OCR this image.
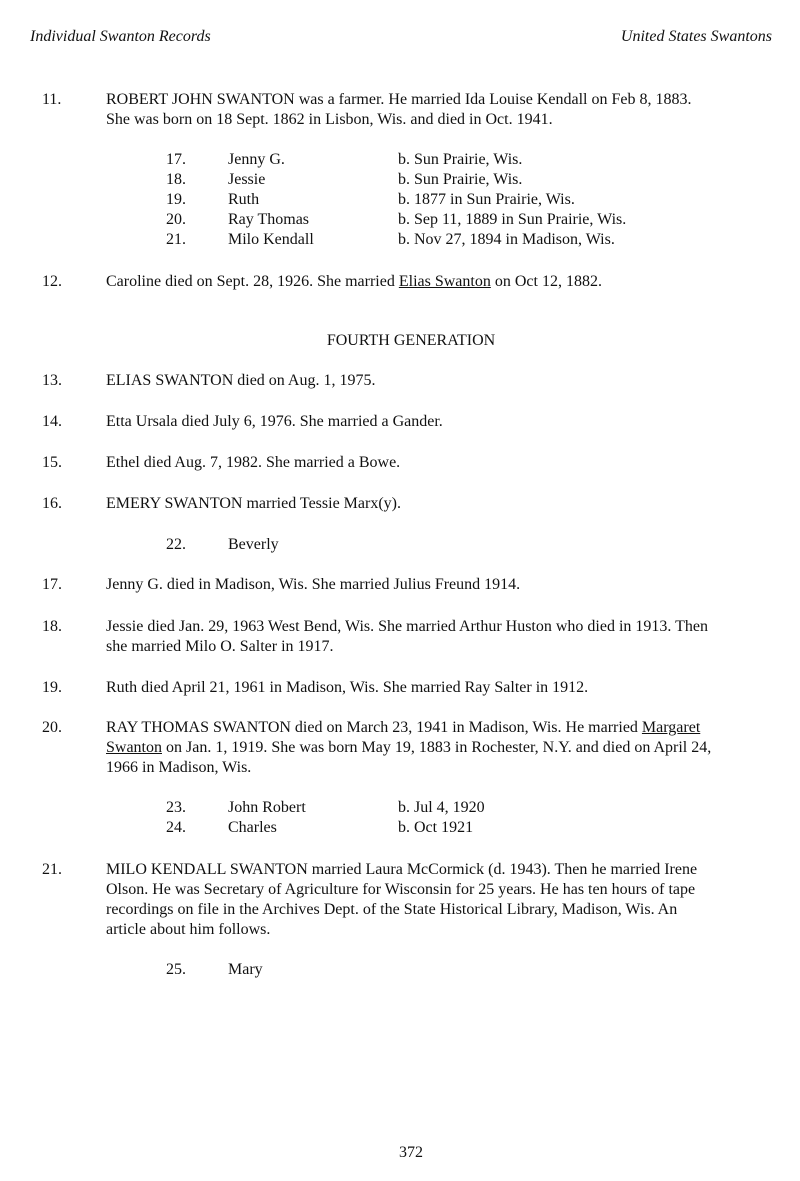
Individual Swanton Records	United States Swantons
11.	ROBERT JOHN SWANTON was a farmer. He married Ida Louise Kendall on Feb 8, 1883.
She was born on 18 Sept. 1862 in Lisbon, Wis. and died in Oct. 1941.
17.	Jenny G.	b. Sun Prairie, Wis.
18.	Jessie	b. Sun Prairie, Wis.
19.	Ruth	b. 1877 in Sun Prairie, Wis.
20.	Ray Thomas	b. Sep 11, 1889 in Sun Prairie, Wis.
21.	Milo Kendall	b. Nov 27, 1894 in Madison, Wis.
12.	Caroline died on Sept. 28, 1926. She married Elias Swanton on Oct 12, 1882.
FOURTH GENERATION
13.	ELIAS SWANTON died on Aug. 1, 1975.
14.	Etta Ursala died July 6, 1976. She married a Gander.
15.	Ethel died Aug. 7, 1982. She married a Bowe.
16.	EMERY SWANTON married Tessie Marx(y).
22.	Beverly
17.	Jenny G. died in Madison, Wis. She married Julius Freund 1914.
18.	Jessie died Jan. 29, 1963 West Bend, Wis. She married Arthur Huston who died in 1913. Then
she married Milo O. Salter in 1917.
19.	Ruth died April 21, 1961 in Madison, Wis. She married Ray Salter in 1912.
20.	RAY THOMAS SWANTON died on March 23, 1941 in Madison, Wis. He married Margaret
Swanton on Jan. 1, 1919. She was born May 19, 1883 in Rochester, N.Y. and died on April 24,
1966 in Madison, Wis.
23.	John Robert	b. Jul 4, 1920
24.	Charles	b. Oct 1921
21.	MILO KENDALL SWANTON married Laura McCormick (d. 1943). Then he married Irene
Olson. He was Secretary of Agriculture for Wisconsin for 25 years. He has ten hours of tape
recordings on file in the Archives Dept. of the State Historical Library, Madison, Wis. An
article about him follows.
25.	Mary
372
